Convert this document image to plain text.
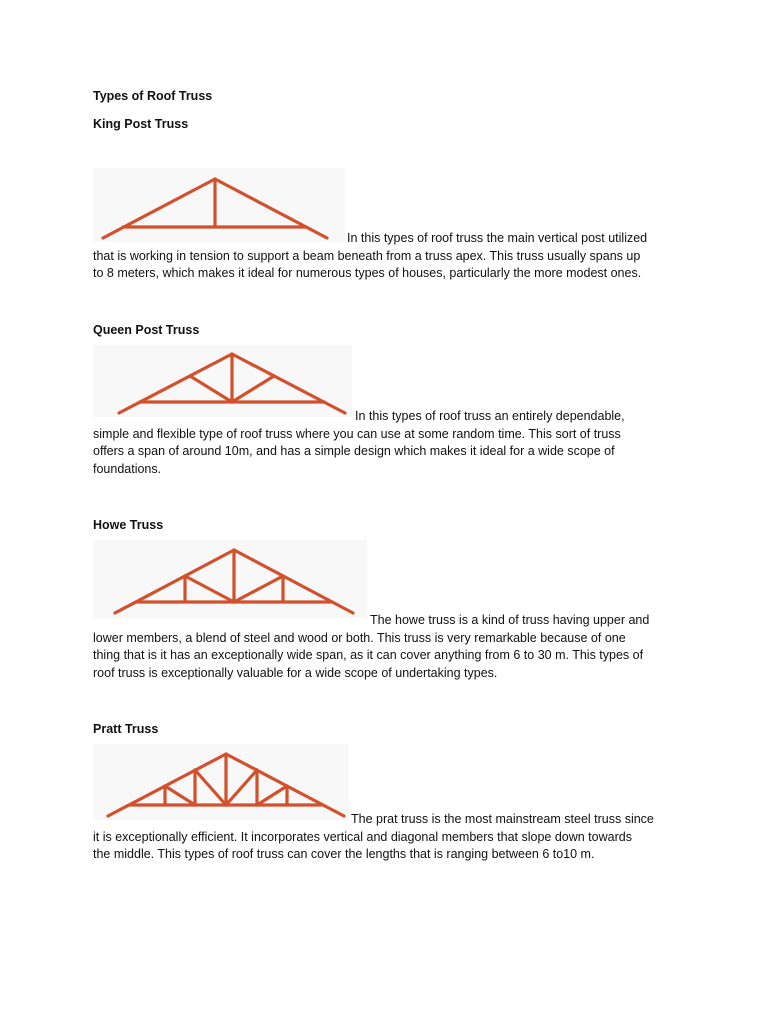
Types of Roof Truss
King Post Truss

In this types of roof truss the main vertical post utilized
that is working in tension to support a beam beneath from a truss apex. This truss usually spans up
to 8 meters, which makes it ideal for numerous types of houses, particularly the more modest ones.

Queen Post Truss

In this types of roof truss an entirely dependable,
simple and flexible type of roof truss where you can use at some random time. This sort of truss
offers a span of around 10m, and has a simple design which makes it ideal for a wide scope of
foundations.

Howe Truss

The howe truss is a kind of truss having upper and
lower members, a blend of steel and wood or both. This truss is very remarkable because of one
thing that is it has an exceptionally wide span, as it can cover anything from 6 to 30 m. This types of
roof truss is exceptionally valuable for a wide scope of undertaking types.

Pratt Truss

The prat truss is the most mainstream steel truss since
it is exceptionally efficient. It incorporates vertical and diagonal members that slope down towards
the middle. This types of roof truss can cover the lengths that is ranging between 6 to10 m.
